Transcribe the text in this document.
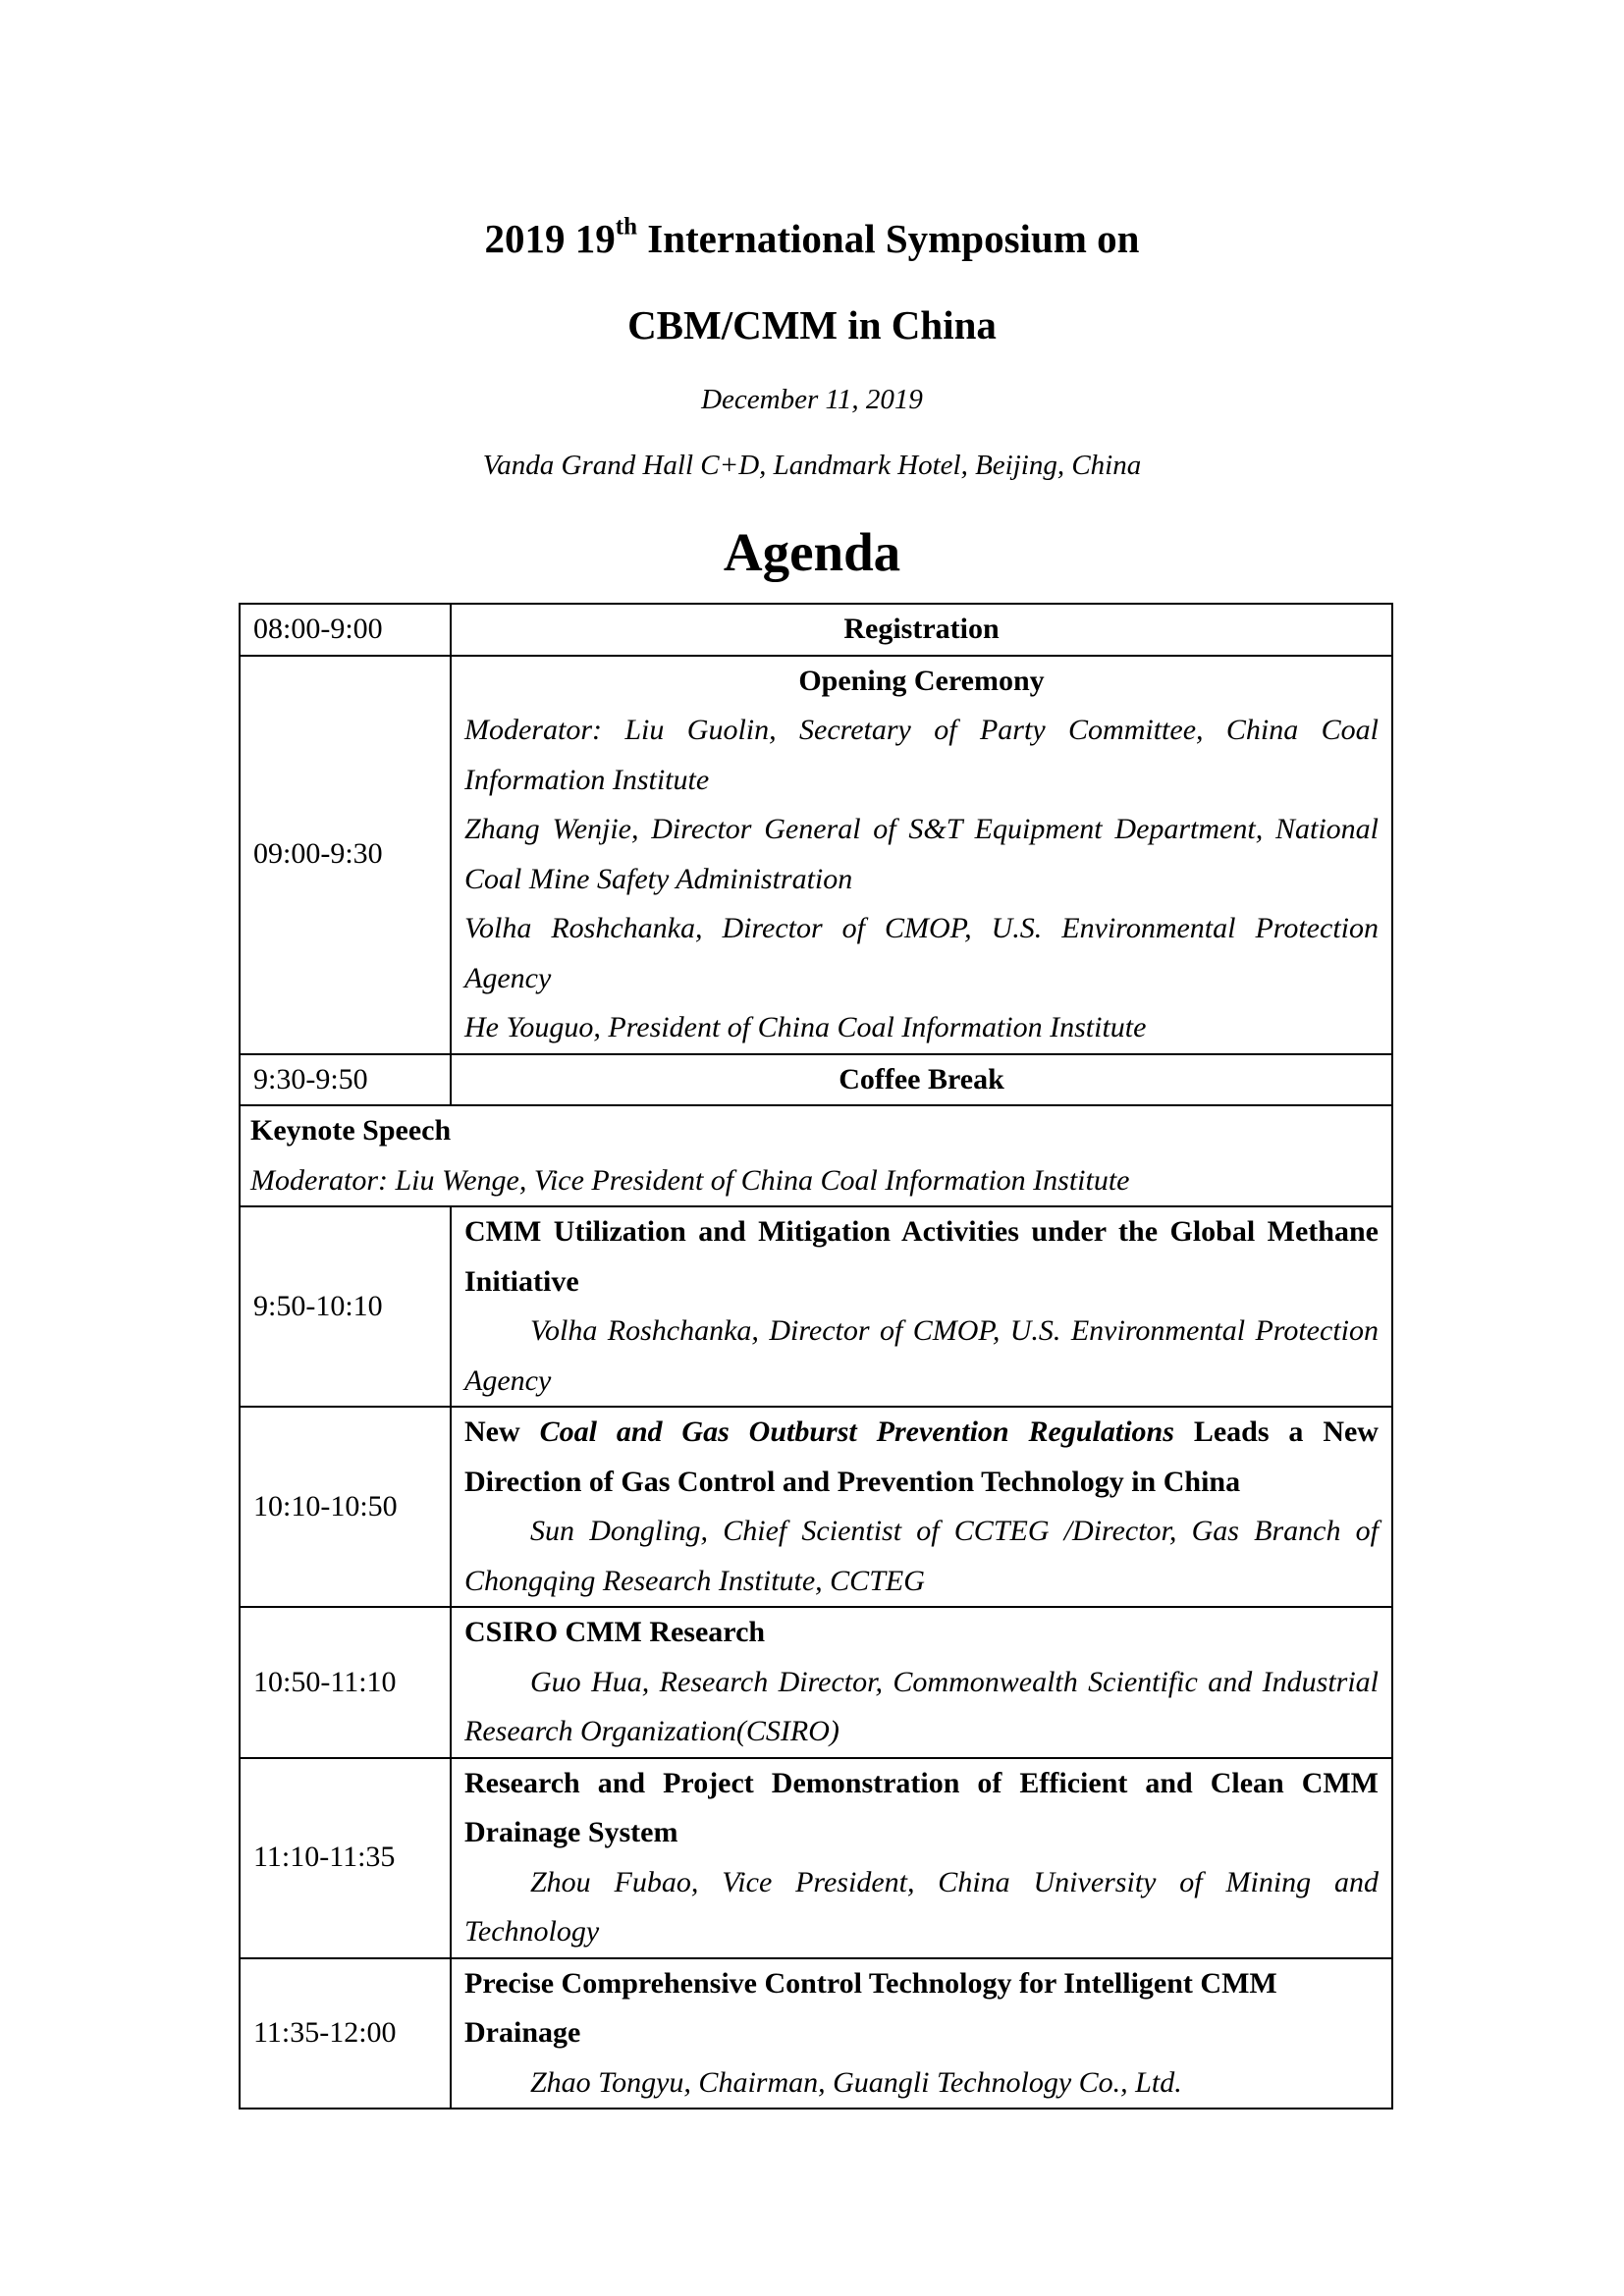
2019 19th International Symposium on
CBM/CMM in China
December 11, 2019
Vanda Grand Hall C+D, Landmark Hotel, Beijing, China
Agenda
08:00-9:00	Registration
09:00-9:30	Opening Ceremony
Moderator: Liu Guolin, Secretary of Party Committee, China Coal Information Institute
Zhang Wenjie, Director General of S&T Equipment Department, National Coal Mine Safety Administration
Volha Roshchanka, Director of CMOP, U.S. Environmental Protection Agency
He Youguo, President of China Coal Information Institute

9:30-9:50	Coffee Break

Keynote Speech
Moderator: Liu Wenge, Vice President of China Coal Information Institute	

9:50-10:10	CMM Utilization and Mitigation Activities under the Global Methane Initiative
Volha Roshchanka, Director of CMOP, U.S. Environmental Protection Agency

10:10-10:50	New Coal and Gas Outburst Prevention Regulations Leads a New Direction of Gas Control and Prevention Technology in China
Sun Dongling, Chief Scientist of CCTEG /Director, Gas Branch of Chongqing Research Institute, CCTEG

10:50-11:10	CSIRO CMM Research
Guo Hua, Research Director, Commonwealth Scientific and Industrial Research Organization(CSIRO)

11:10-11:35	Research and Project Demonstration of Efficient and Clean CMM Drainage System
Zhou Fubao, Vice President, China University of Mining and Technology

11:35-12:00	Precise Comprehensive Control Technology for Intelligent CMM Drainage
Zhao Tongyu, Chairman, Guangli Technology Co., Ltd.
